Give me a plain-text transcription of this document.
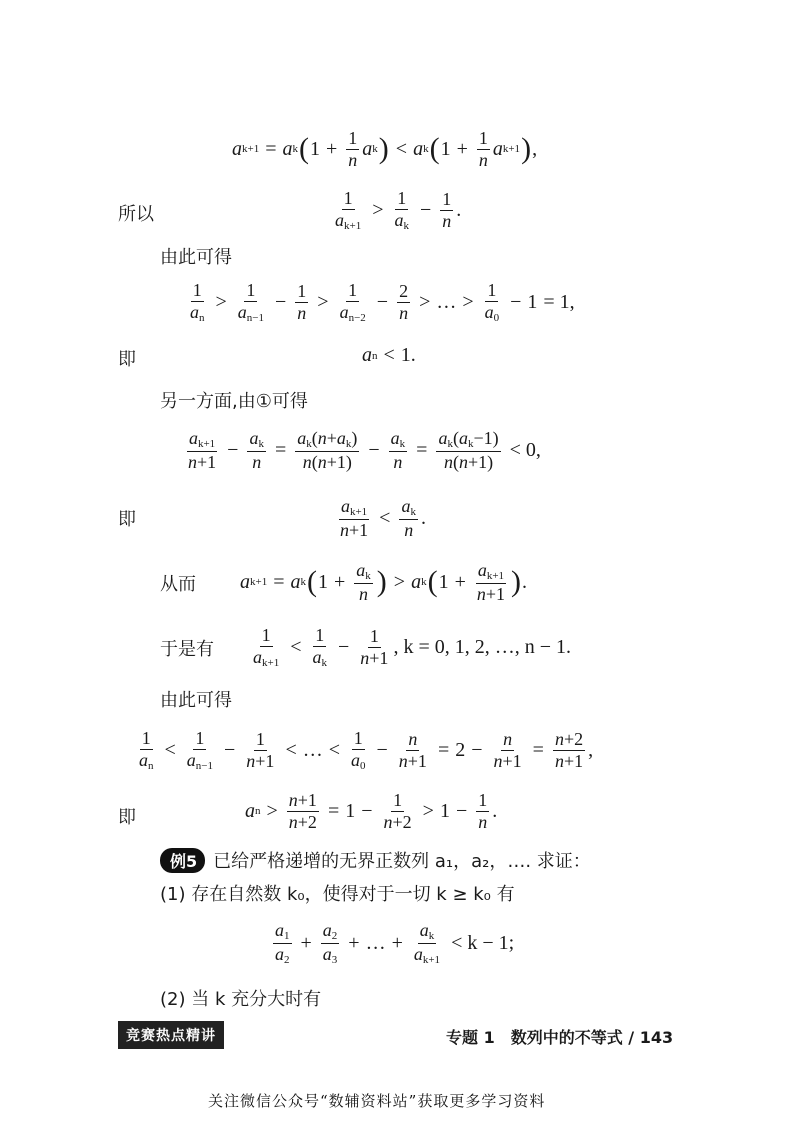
a k+1 = a k ( $1 + \frac{1}{n}$ a k ) < a k ( $1 + \frac{1}{n}$ a k+1 ) ,
所以	$\frac{1}{a_{k+1}} > \frac{1}{a_k} - \frac{1}{n}$ .
由此可得
$\frac{1}{a_n} > \frac{1}{a_{n-1}} - \frac{1}{n} > \frac{1}{a_{n-2}} - \frac{2}{n}$ > … > $\frac{1}{a_0} - 1 = 1$,
即	a n < 1 .
另一方面,由①可得
$\frac{a_{k+1}}{n+1} - \frac{a_k}{n} = \frac{a_k(n+a_k)}{n(n+1)} - \frac{a_k}{n} = \frac{a_k(a_k-1)}{n(n+1)} < 0$,
即	$\frac{a_{k+1}}{n+1} < \frac{a_k}{n}$ .
从而 a k+1 = a k ( $1 + \frac{a_k}{n}$ ) > a k ( $1 + \frac{a_{k+1}}{n+1}$ ) .
于是有 $\frac{1}{a_{k+1}} < \frac{1}{a_k} - \frac{1}{n+1}$ , k = 0, 1, 2, …, n − 1.
由此可得
$\frac{1}{a_n} < \frac{1}{a_{n-1}} - \frac{1}{n+1}$ < … < $\frac{1}{a_0} - \frac{n}{n+1} = 2 - \frac{n}{n+1} = \frac{n+2}{n+1}$ ,
即	a $n > \frac{n+1}{n+2} = 1 - \frac{1}{n+2} > 1 - \frac{1}{n}$ .
例5 已给严格递增的无界正数列 a₁，a₂，…. 求证：
(1) 存在自然数 k₀，使得对于一切 k ≥ k₀ 有
$\frac{a_1}{a_2} + \frac{a_2}{a_3}$ + … + $\frac{a_k}{a_{k+1}} < k - 1$;
(2) 当 k 充分大时有
竞赛热点精讲	专题 1　数列中的不等式 / 143
关注微信公众号“数辅资料站”获取更多学习资料
